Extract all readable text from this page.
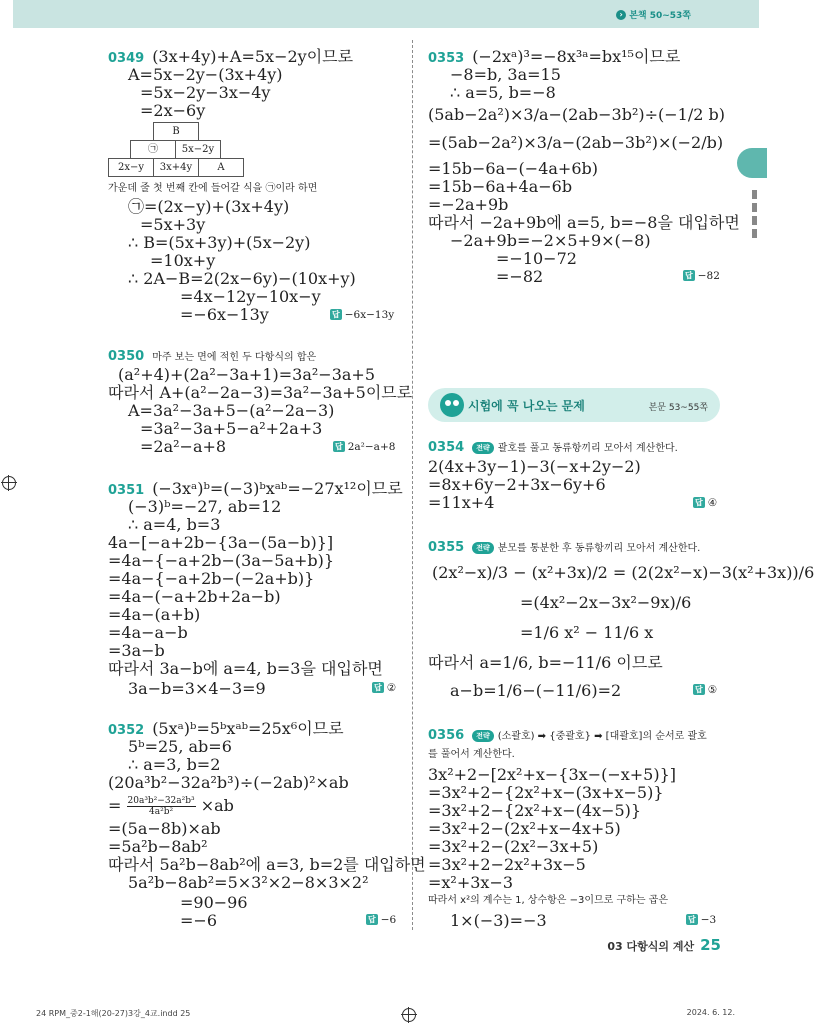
› 본책 50~53쪽
0349 (3x+4y)+A=5x−2y이므로
A=5x−2y−(3x+4y)
=5x−2y−3x−4y
=2x−6y
B
㉠	5x−2y
2x−y	3x+4y	A
가운데 줄 첫 번째 칸에 들어갈 식을 ㉠이라 하면
㉠=(2x−y)+(3x+4y)
=5x+3y
∴ B=(5x+3y)+(5x−2y)
=10x+y
∴ 2A−B=2(2x−6y)−(10x+y)
=4x−12y−10x−y
=−6x−13y	답 −6x−13y
0350 마주 보는 면에 적힌 두 다항식의 합은
(a²+4)+(2a²−3a+1)=3a²−3a+5
따라서 A+(a²−2a−3)=3a²−3a+5이므로
A=3a²−3a+5−(a²−2a−3)
=3a²−3a+5−a²+2a+3
=2a²−a+8	답 2a²−a+8
0351 (−3xᵃ)ᵇ=(−3)ᵇxᵃᵇ=−27x¹²이므로
(−3)ᵇ=−27, ab=12
∴ a=4, b=3
4a−[−a+2b−{3a−(5a−b)}]
=4a−{−a+2b−(3a−5a+b)}
=4a−{−a+2b−(−2a+b)}
=4a−(−a+2b+2a−b)
=4a−(a+b)
=4a−a−b
=3a−b
따라서 3a−b에 a=4, b=3을 대입하면
3a−b=3×4−3=9	답 ②
0352 (5xᵃ)ᵇ=5ᵇxᵃᵇ=25x⁶이므로
5ᵇ=25, ab=6
∴ a=3, b=2
(20a³b²−32a²b³)÷(−2ab)²×ab
= $\frac{\text{20a³b²−32a²b³}}{\text{4a²b²}} \times ab$
=(5a−8b)×ab
=5a²b−8ab²
따라서 5a²b−8ab²에 a=3, b=2를 대입하면
5a²b−8ab²=5×3²×2−8×3×2²
=90−96
=−6	답 −6
0353 (−2xᵃ)³=−8x³ᵃ=bx¹⁵이므로
−8=b, 3a=15
∴ a=5, b=−8
(5ab−2a²)×3/a−(2ab−3b²)÷(−1/2 b)
=(5ab−2a²)×3/a−(2ab−3b²)×(−2/b)
=15b−6a−(−4a+6b)
=15b−6a+4a−6b
=−2a+9b
따라서 −2a+9b에 a=5, b=−8을 대입하면
−2a+9b=−2×5+9×(−8)
=−10−72
=−82	답 −82
시험에 꼭 나오는 문제	본문 53~55쪽
0354 전략 괄호를 풀고 동류항끼리 모아서 계산한다.
2(4x+3y−1)−3(−x+2y−2)
=8x+6y−2+3x−6y+6
=11x+4	답 ④
0355 전략 분모를 통분한 후 동류항끼리 모아서 계산한다.
(2x²−x)/3 − (x²+3x)/2 = (2(2x²−x)−3(x²+3x))/6
=(4x²−2x−3x²−9x)/6
=1/6 x² − 11/6 x
따라서 a=1/6, b=−11/6 이므로
a−b=1/6−(−11/6)=2	답 ⑤
0356 전략 (소괄호) ➡ {중괄호} ➡ [대괄호]의 순서로 괄호
를 풀어서 계산한다.
3x²+2−[2x²+x−{3x−(−x+5)}]
=3x²+2−{2x²+x−(3x+x−5)}
=3x²+2−{2x²+x−(4x−5)}
=3x²+2−(2x²+x−4x+5)
=3x²+2−(2x²−3x+5)
=3x²+2−2x²+3x−5
=x²+3x−3
따라서 x²의 계수는 1, 상수항은 −3이므로 구하는 곱은
1×(−3)=−3	답 −3
03 다항식의 계산 25
24 RPM_중2-1해(20-27)3강_4교.indd 25	2024. 6. 12.
